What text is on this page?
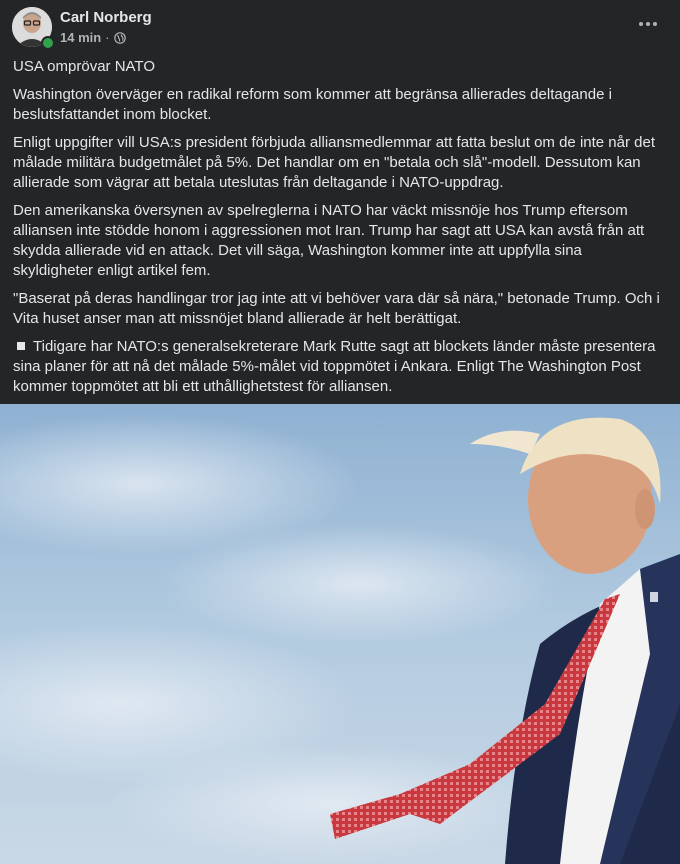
Carl Norberg
14 min ·

USA omprövar NATO

Washington överväger en radikal reform som kommer att begränsa allierades deltagande i beslutsfattandet inom blocket.

Enligt uppgifter vill USA:s president förbjuda alliansmedlemmar att fatta beslut om de inte når det målade militära budgetmålet på 5%. Det handlar om en "betala och slå"-modell. Dessutom kan allierade som vägrar att betala uteslutas från deltagande i NATO-uppdrag.

Den amerikanska översynen av spelreglerna i NATO har väckt missnöje hos Trump eftersom alliansen inte stödde honom i aggressionen mot Iran. Trump har sagt att USA kan avstå från att skydda allierade vid en attack. Det vill säga, Washington kommer inte att uppfylla sina skyldigheter enligt artikel fem.

"Baserat på deras handlingar tror jag inte att vi behöver vara där så nära," betonade Trump. Och i Vita huset anser man att missnöjet bland allierade är helt berättigat.

Tidigare har NATO:s generalsekreterare Mark Rutte sagt att blockets länder måste presentera sina planer för att nå det målade 5%-målet vid toppmötet i Ankara. Enligt The Washington Post kommer toppmötet att bli ett uthållighetstest för alliansen.
